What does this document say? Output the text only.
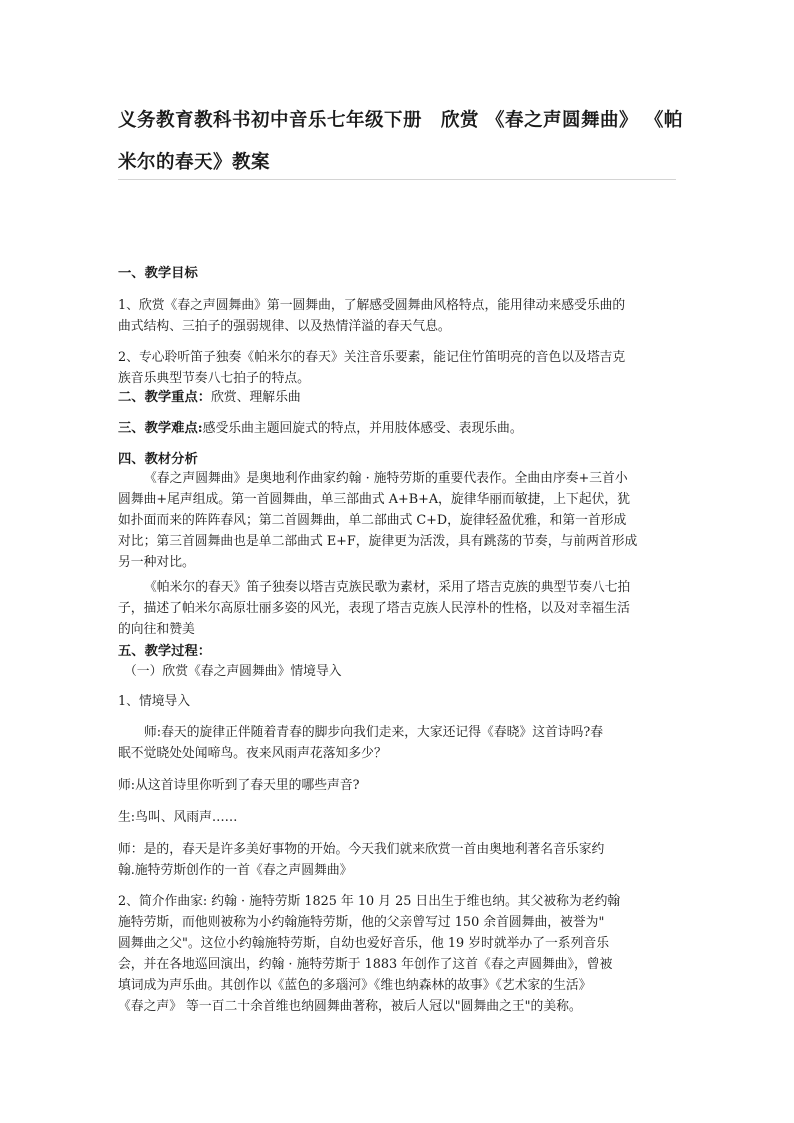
义务教育教科书初中音乐七年级下册　欣赏 《春之声圆舞曲》 《帕
米尔的春天》教案
一、教学目标
1、欣赏《春之声圆舞曲》第一圆舞曲，了解感受圆舞曲风格特点，能用律动来感受乐曲的
曲式结构、三拍子的强弱规律、以及热情洋溢的春天气息。
2、专心聆听笛子独奏《帕米尔的春天》关注音乐要素，能记住竹笛明亮的音色以及塔吉克
族音乐典型节奏八七拍子的特点。
二、教学重点：欣赏、理解乐曲
三、教学难点:感受乐曲主题回旋式的特点，并用肢体感受、表现乐曲。
四、教材分析
《春之声圆舞曲》是奥地利作曲家约翰 · 施特劳斯的重要代表作。全曲由序奏+三首小
圆舞曲+尾声组成。第一首圆舞曲，单三部曲式 A+B+A，旋律华丽而敏捷，上下起伏，犹
如扑面而来的阵阵春风；第二首圆舞曲，单二部曲式 C+D，旋律轻盈优雅，和第一首形成
对比；第三首圆舞曲也是单二部曲式 E+F，旋律更为活泼，具有跳荡的节奏，与前两首形成
另一种对比。
《帕米尔的春天》笛子独奏以塔吉克族民歌为素材，采用了塔吉克族的典型节奏八七拍
子，描述了帕米尔高原壮丽多姿的风光，表现了塔吉克族人民淳朴的性格，以及对幸福生活
的向往和赞美
五、教学过程：
（一）欣赏《春之声圆舞曲》情境导入
1、情境导入
师:春天的旋律正伴随着青春的脚步向我们走来，大家还记得《春晓》这首诗吗?春
眠不觉晓处处闻啼鸟。夜来风雨声花落知多少？
师:从这首诗里你听到了春天里的哪些声音?
生:鸟叫、风雨声……
师：是的，春天是许多美好事物的开始。今天我们就来欣赏一首由奥地利著名音乐家约
翰.施特劳斯创作的一首《春之声圆舞曲》
2、简介作曲家: 约翰 · 施特劳斯 1825 年 10 月 25 日出生于维也纳。其父被称为老约翰
施特劳斯，而他则被称为小约翰施特劳斯，他的父亲曾写过 150 余首圆舞曲，被誉为"
圆舞曲之父"。这位小约翰施特劳斯，自幼也爱好音乐，他 19 岁时就举办了一系列音乐
会，并在各地巡回演出，约翰 · 施特劳斯于 1883 年创作了这首《春之声圆舞曲》，曾被
填词成为声乐曲。其创作以《蓝色的多瑙河》《维也纳森林的故事》《艺术家的生活》
《春之声》 等一百二十余首维也纳圆舞曲著称，被后人冠以"圆舞曲之王"的美称。
